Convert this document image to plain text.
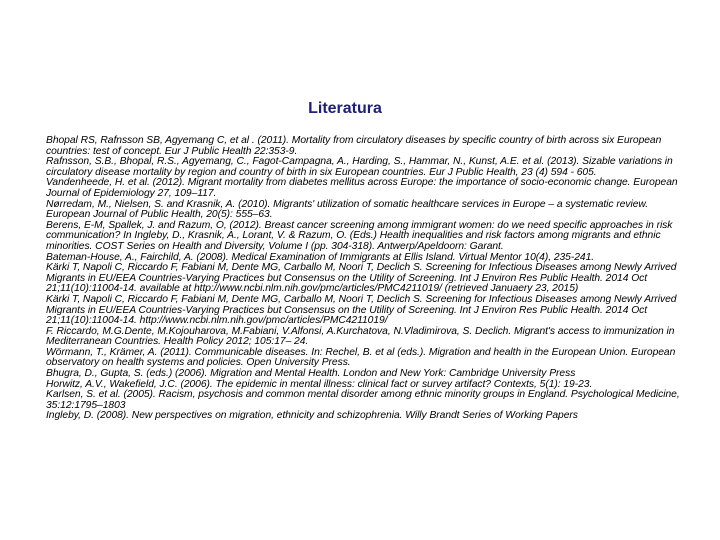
Literatura

Bhopal RS, Rafnsson SB, Agyemang C, et al . (2011). Mortality from circulatory diseases by specific country of birth across six European countries: test of concept. Eur J Public Health 22:353-9.

Rafnsson, S.B., Bhopal, R.S., Agyemang, C., Fagot-Campagna, A., Harding, S., Hammar, N., Kunst, A.E. et al. (2013). Sizable variations in circulatory disease mortality by region and country of birth in six European countries. Eur J Public Health, 23 (4) 594 - 605.

Vandenheede, H. et al. (2012). Migrant mortality from diabetes mellitus across Europe: the importance of socio-economic change. European Journal of Epidemiology 27, 109–117.

Nørredam, M., Nielsen, S. and Krasnik, A. (2010). Migrants' utilization of somatic healthcare services in Europe – a systematic review. European Journal of Public Health, 20(5): 555–63.

Berens, E-M, Spallek, J. and Razum, O, (2012). Breast cancer screening among immigrant women: do we need specific approaches in risk communication? In Ingleby, D., Krasnik, A., Lorant, V. & Razum, O. (Eds.) Health inequalities and risk factors among migrants and ethnic minorities. COST Series on Health and Diversity, Volume I (pp. 304-318). Antwerp/Apeldoorn: Garant.

Bateman-House, A., Fairchild, A. (2008). Medical Examination of Immigrants at Ellis Island. Virtual Mentor 10(4), 235-241.

Kärki T, Napoli C, Riccardo F, Fabiani M, Dente MG, Carballo M, Noori T, Declich S. Screening for Infectious Diseases among Newly Arrived Migrants in EU/EEA Countries-Varying Practices but Consensus on the Utility of Screening. Int J Environ Res Public Health. 2014 Oct 21;11(10):11004-14. available at http://www.ncbi.nlm.nih.gov/pmc/articles/PMC4211019/ (retrieved Januaery 23, 2015)

Kärki T, Napoli C, Riccardo F, Fabiani M, Dente MG, Carballo M, Noori T, Declich S. Screening for Infectious Diseases among Newly Arrived Migrants in EU/EEA Countries-Varying Practices but Consensus on the Utility of Screening. Int J Environ Res Public Health. 2014 Oct 21;11(10):11004-14. http://www.ncbi.nlm.nih.gov/pmc/articles/PMC4211019/

F. Riccardo, M.G.Dente, M.Kojouharova, M.Fabiani, V.Alfonsi, A.Kurchatova, N.Vladimirova, S. Declich. Migrant's access to immunization in Mediterranean Countries. Health Policy 2012; 105:17– 24.

Wörmann, T., Krämer, A. (2011). Communicable diseases. In: Rechel, B. et al (eds.). Migration and health in the European Union. European observatory on health systems and policies. Open University Press.

Bhugra, D., Gupta, S. (eds.) (2006). Migration and Mental Health. London and New York: Cambridge University Press

Horwitz, A.V., Wakefield, J.C. (2006). The epidemic in mental illness: clinical fact or survey artifact? Contexts, 5(1): 19-23.

Karlsen, S. et al. (2005). Racism, psychosis and common mental disorder among ethnic minority groups in England. Psychological Medicine, 35:12:1795–1803

Ingleby, D. (2008). New perspectives on migration, ethnicity and schizophrenia. Willy Brandt Series of Working Papers
